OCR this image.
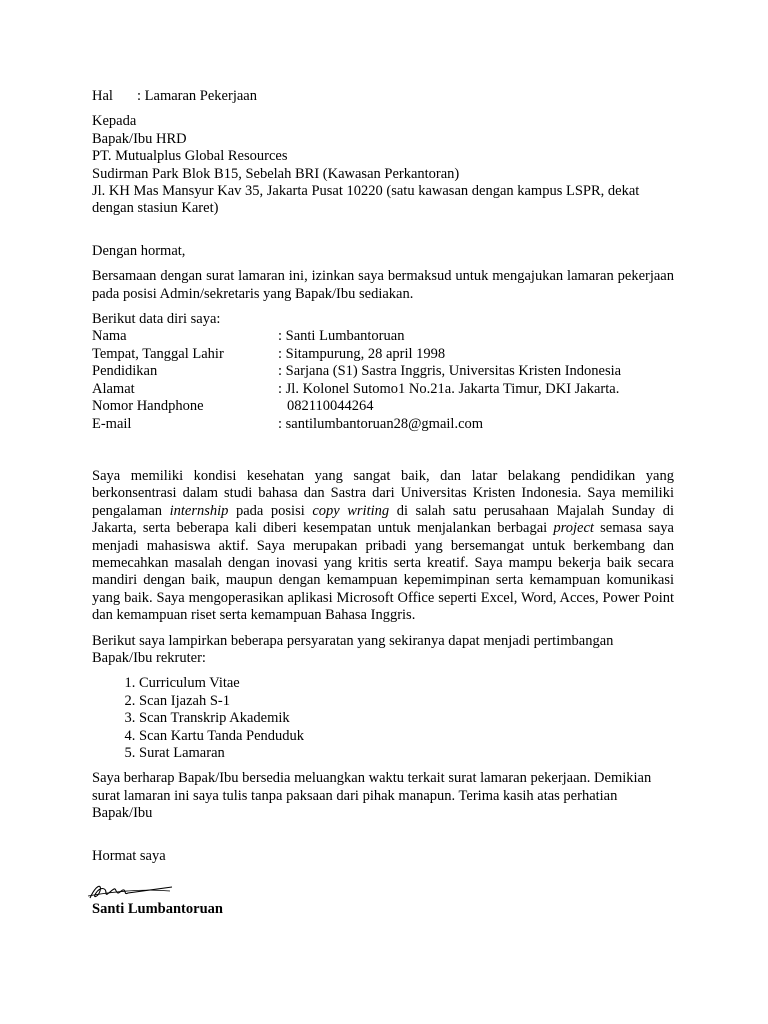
Hal	: Lamaran Pekerjaan
Kepada
Bapak/Ibu HRD
PT. Mutualplus Global Resources
Sudirman Park Blok B15, Sebelah BRI (Kawasan Perkantoran)
Jl. KH Mas Mansyur Kav 35, Jakarta Pusat 10220 (satu kawasan dengan kampus LSPR, dekat dengan stasiun Karet)
Dengan hormat,
Bersamaan dengan surat lamaran ini, izinkan saya bermaksud untuk mengajukan lamaran pekerjaan pada posisi Admin/sekretaris yang Bapak/Ibu sediakan.
Berikut data diri saya:
Nama	: Santi Lumbantoruan
Tempat, Tanggal Lahir	: Sitampurung, 28 april 1998
Pendidikan	: Sarjana (S1) Sastra Inggris, Universitas Kristen Indonesia
Alamat	: Jl. Kolonel Sutomo1 No.21a. Jakarta Timur, DKI Jakarta.
Nomor Handphone	082110044264
E-mail	: santilumbantoruan28@gmail.com
Saya memiliki kondisi kesehatan yang sangat baik, dan latar belakang pendidikan yang berkonsentrasi dalam studi bahasa dan Sastra dari Universitas Kristen Indonesia. Saya memiliki pengalaman internship pada posisi copy writing di salah satu perusahaan Majalah Sunday di Jakarta, serta beberapa kali diberi kesempatan untuk menjalankan berbagai project semasa saya menjadi mahasiswa aktif. Saya merupakan pribadi yang bersemangat untuk berkembang dan memecahkan masalah dengan inovasi yang kritis serta kreatif. Saya mampu bekerja baik secara mandiri dengan baik, maupun dengan kemampuan kepemimpinan serta kemampuan komunikasi yang baik. Saya mengoperasikan aplikasi Microsoft Office seperti Excel, Word, Acces, Power Point dan kemampuan riset serta kemampuan Bahasa Inggris.
Berikut saya lampirkan beberapa persyaratan yang sekiranya dapat menjadi pertimbangan Bapak/Ibu rekruter:
1. Curriculum Vitae
2. Scan Ijazah S-1
3. Scan Transkrip Akademik
4. Scan Kartu Tanda Penduduk
5. Surat Lamaran
Saya berharap Bapak/Ibu bersedia meluangkan waktu terkait surat lamaran pekerjaan. Demikian surat lamaran ini saya tulis tanpa paksaan dari pihak manapun. Terima kasih atas perhatian Bapak/Ibu
Hormat saya
Santi Lumbantoruan
